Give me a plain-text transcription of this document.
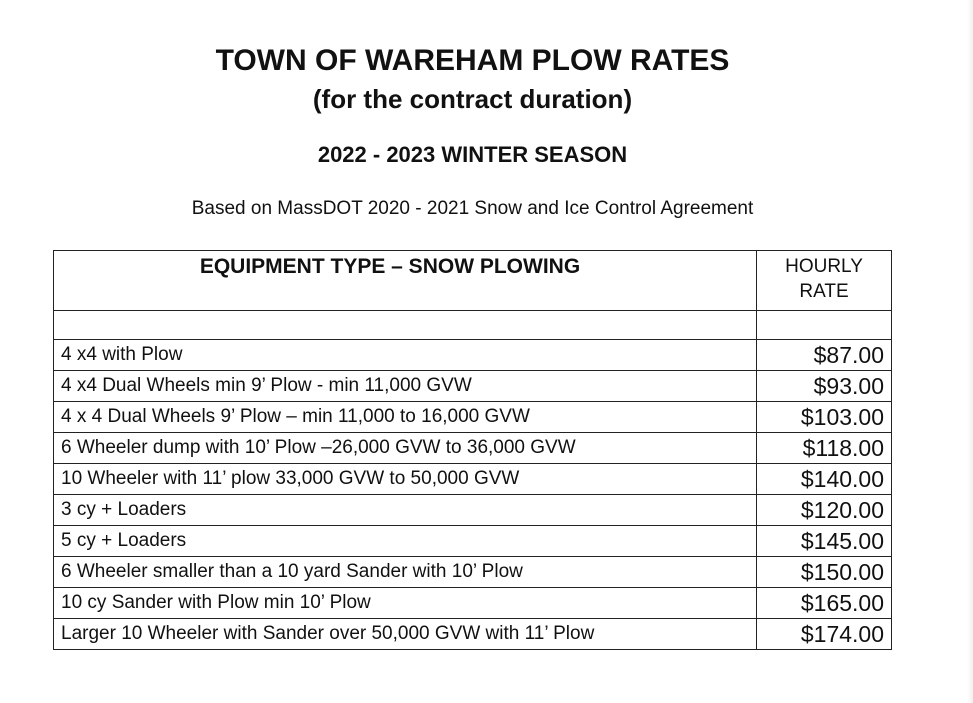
TOWN OF WAREHAM PLOW RATES
(for the contract duration)
2022 - 2023 WINTER SEASON
Based on MassDOT 2020 - 2021 Snow and Ice Control Agreement
EQUIPMENT TYPE – SNOW PLOWING	HOURLY
RATE

4 x4 with Plow	$87.00
4 x4 Dual Wheels min 9’ Plow - min 11,000 GVW	$93.00
4 x 4 Dual Wheels 9’ Plow – min 11,000 to 16,000 GVW	$103.00
6 Wheeler dump with 10’ Plow –26,000 GVW to 36,000 GVW	$118.00
10 Wheeler with 11’ plow 33,000 GVW to 50,000 GVW	$140.00
3 cy + Loaders	$120.00
5 cy + Loaders	$145.00
6 Wheeler smaller than a 10 yard Sander with 10’ Plow	$150.00
10 cy Sander with Plow min 10’ Plow	$165.00
Larger 10 Wheeler with Sander over 50,000 GVW with 11’ Plow	$174.00
